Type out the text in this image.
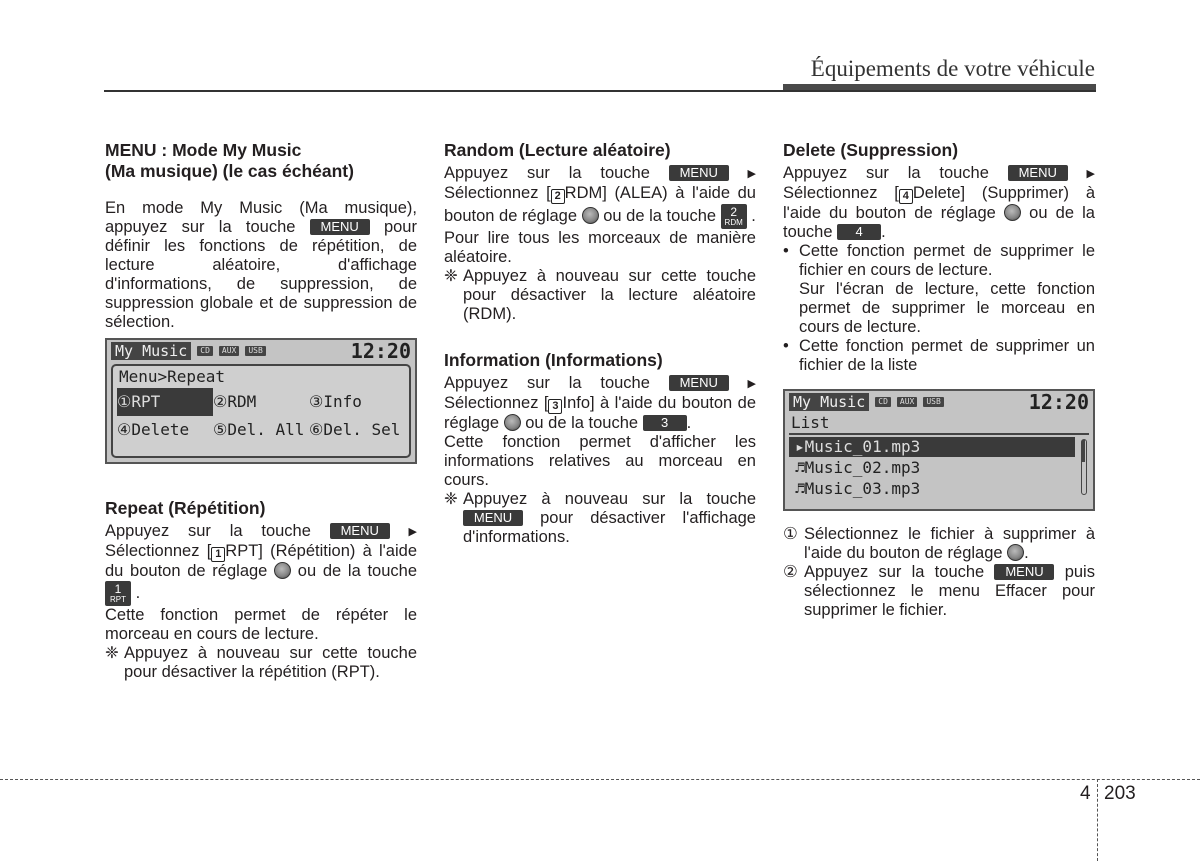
Équipements de votre véhicule
MENU : Mode My Music
(Ma musique) (le cas échéant)

En mode My Music (Ma musique), appuyez sur la touche MENU pour définir les fonctions de répétition, de lecture aléatoire, d'affichage d'informations, de suppression, de suppression globale et de suppression de sélection.

My Music	CD	AUX	USB	12:20
Menu>Repeat
①RPT	②RDM	③Info
④Delete	⑤Del. All ⑥Del. Sel
Repeat (Répétition)

Appuyez sur la touche MENU	▶ Sélectionnez [ 1 RPT] (Répétition) à l'aide du bouton de réglage ou de la touche 1
RPT .

Cette fonction permet de répéter le morceau en cours de lecture.

❈ Appuyez à nouveau sur cette touche pour désactiver la répétition (RPT).
Random (Lecture aléatoire)

Appuyez sur la touche MENU	▶ Sélectionnez [ 2 RDM] (ALEA) à l'aide du bouton de réglage ou de la touche 2
RDM .

Pour lire tous les morceaux de manière aléatoire.

❈ Appuyez à nouveau sur cette touche pour désactiver la lecture aléatoire (RDM).
Information (Informations)

Appuyez sur la touche MENU	▶ Sélectionnez [ 3 Info] à l'aide du bouton de réglage ou de la touche 3 .

Cette fonction permet d'afficher les informations relatives au morceau en cours.

❈ Appuyez à nouveau sur la touche MENU pour désactiver l'affichage d'informations.
Delete (Suppression)

Appuyez sur la touche MENU	▶ Sélectionnez [ 4 Delete] (Supprimer) à l'aide du bouton de réglage ou de la touche 4 .

• Cette fonction permet de supprimer le fichier en cours de lecture.

Sur l'écran de lecture, cette fonction permet de supprimer le morceau en cours de lecture.

• Cette fonction permet de supprimer un fichier de la liste
My Music	CD	AUX	USB	12:20
List
▸Music_01.mp3
♬Music_02.mp3
♬Music_03.mp3
① Sélectionnez le fichier à supprimer à l'aide du bouton de réglage .
② Appuyez sur la touche MENU puis sélectionnez le menu Effacer pour supprimer le fichier.
4 203
